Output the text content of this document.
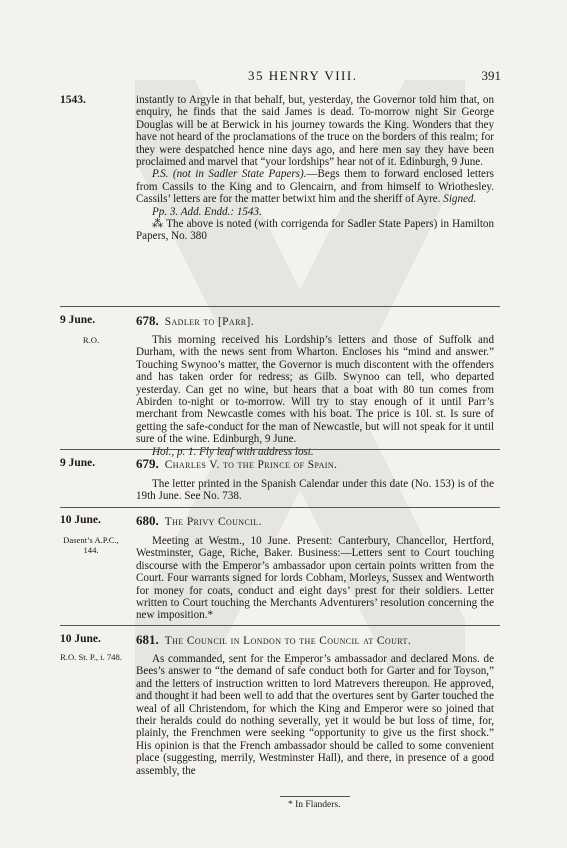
35 HENRY VIII.	391
1543.	instantly to Argyle in that behalf, but, yesterday, the Governor told him that, on enquiry, he finds that the said James is dead. To-morrow night Sir George Douglas will be at Berwick in his journey towards the King. Wonders that they have not heard of the proclamations of the truce on the borders of this realm; for they were despatched hence nine days ago, and here men say they have been proclaimed and marvel that “your lordships” hear not of it. Edinburgh, 9 June.

P.S. (not in Sadler State Papers).—Begs them to forward enclosed letters from Cassils to the King and to Glencairn, and from himself to Wriothesley. Cassils’ letters are for the matter betwixt him and the sheriff of Ayre. Signed.

Pp. 3. Add. Endd.: 1543.

⁂ The above is noted (with corrigenda for Sadler State Papers) in Hamilton Papers, No. 380

9 June.
R.O.
678. Sadler to [Parr].

This morning received his Lordship’s letters and those of Suffolk and Durham, with the news sent from Wharton. Encloses his “mind and answer.” Touching Swynoo’s matter, the Governor is much discontent with the offenders and has taken order for redress; as Gilb. Swynoo can tell, who departed yesterday. Can get no wine, but hears that a boat with 80 tun comes from Abirden to-night or to-morrow. Will try to stay enough of it until Parr’s merchant from Newcastle comes with his boat. The price is 10l. st. Is sure of getting the safe-conduct for the man of Newcastle, but will not speak for it until sure of the wine. Edinburgh, 9 June.

Hol., p. 1. Fly leaf with address lost.

9 June.	679. Charles V. to the Prince of Spain.

The letter printed in the Spanish Calendar under this date (No. 153) is of the 19th June. See No. 738.

10 June.
Dasent’s A.P.C., 144.
680. The Privy Council.

Meeting at Westm., 10 June. Present: Canterbury, Chancellor, Hertford, Westminster, Gage, Riche, Baker. Business:—Letters sent to Court touching discourse with the Emperor’s ambassador upon certain points written from the Court. Four warrants signed for lords Cobham, Morleys, Sussex and Wentworth for money for coats, conduct and eight days’ prest for their soldiers. Letter written to Court touching the Merchants Adventurers’ resolution concerning the new imposition.*

10 June.
R.O. St. P., i. 748.
681. The Council in London to the Council at Court.

As commanded, sent for the Emperor’s ambassador and declared Mons. de Bees’s answer to “the demand of safe conduct both for Garter and for Toyson,” and the letters of instruction written to lord Matrevers thereupon. He approved, and thought it had been well to add that the overtures sent by Garter touched the weal of all Christendom, for which the King and Emperor were so joined that their heralds could do nothing severally, yet it would be but loss of time, for, plainly, the Frenchmen were seeking “opportunity to give us the first shock.” His opinion is that the French ambassador should be called to some convenient place (suggesting, merrily, Westminster Hall), and there, in presence of a good assembly, the

* In Flanders.
